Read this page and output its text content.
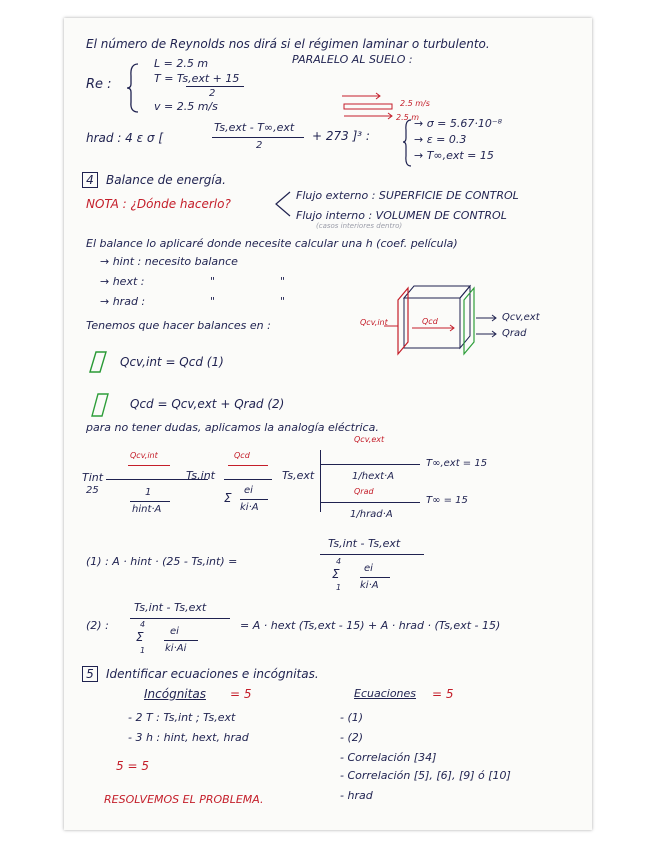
El número de Reynolds nos dirá si el régimen laminar o turbulento.
Re :
L = 2.5 m
T = Ts,ext + 15
2
v = 2.5 m/s
PARALELO AL SUELO :
2.5 m/s
2.5 m
hrad : 4 ε σ [
Ts,ext - T∞,ext
2
+ 273 ]³ :
→ σ = 5.67·10⁻⁸
→ ε = 0.3
→ T∞,ext = 15
4	Balance de energía.
NOTA : ¿Dónde hacerlo?
Flujo externo : SUPERFICIE DE CONTROL
Flujo interno : VOLUMEN DE CONTROL
(casos interiores dentro)
El balance lo aplicaré donde necesite calcular una h (coef. película)
→ hint : necesito balance
→ hext :	"	"
→ hrad :	"	"
Tenemos que hacer balances en :	Qcv,int	Qcd	Qcv,ext
Qrad
Qcv,int = Qcd (1)
Qcd = Qcv,ext + Qrad (2)
para no tener dudas, aplicamos la analogía eléctrica.
Tint
25
Qcv,int
1
hint·A
Ts,int
Qcd
Σ
ei
ki·A
Ts,ext
Qcv,ext
1/hext·A
T∞,ext = 15
Qrad
1/hrad·A
T∞ = 15
(1) : A · hint · (25 - Ts,int) =
Ts,int - Ts,ext
4
Σ
1
ei
ki·A
(2) :
Ts,int - Ts,ext
4
Σ
1
ei
ki·Ai
= A · hext (Ts,ext - 15) + A · hrad · (Ts,ext - 15)
5	Identificar ecuaciones e incógnitas.
Incógnitas = 5
- 2 T : Ts,int ; Ts,ext
- 3 h : hint, hext, hrad
Ecuaciones = 5
- (1)
- (2)
- Correlación [34]
- Correlación [5], [6], [9] ó [10]
- hrad
5 = 5
RESOLVEMOS EL PROBLEMA.
